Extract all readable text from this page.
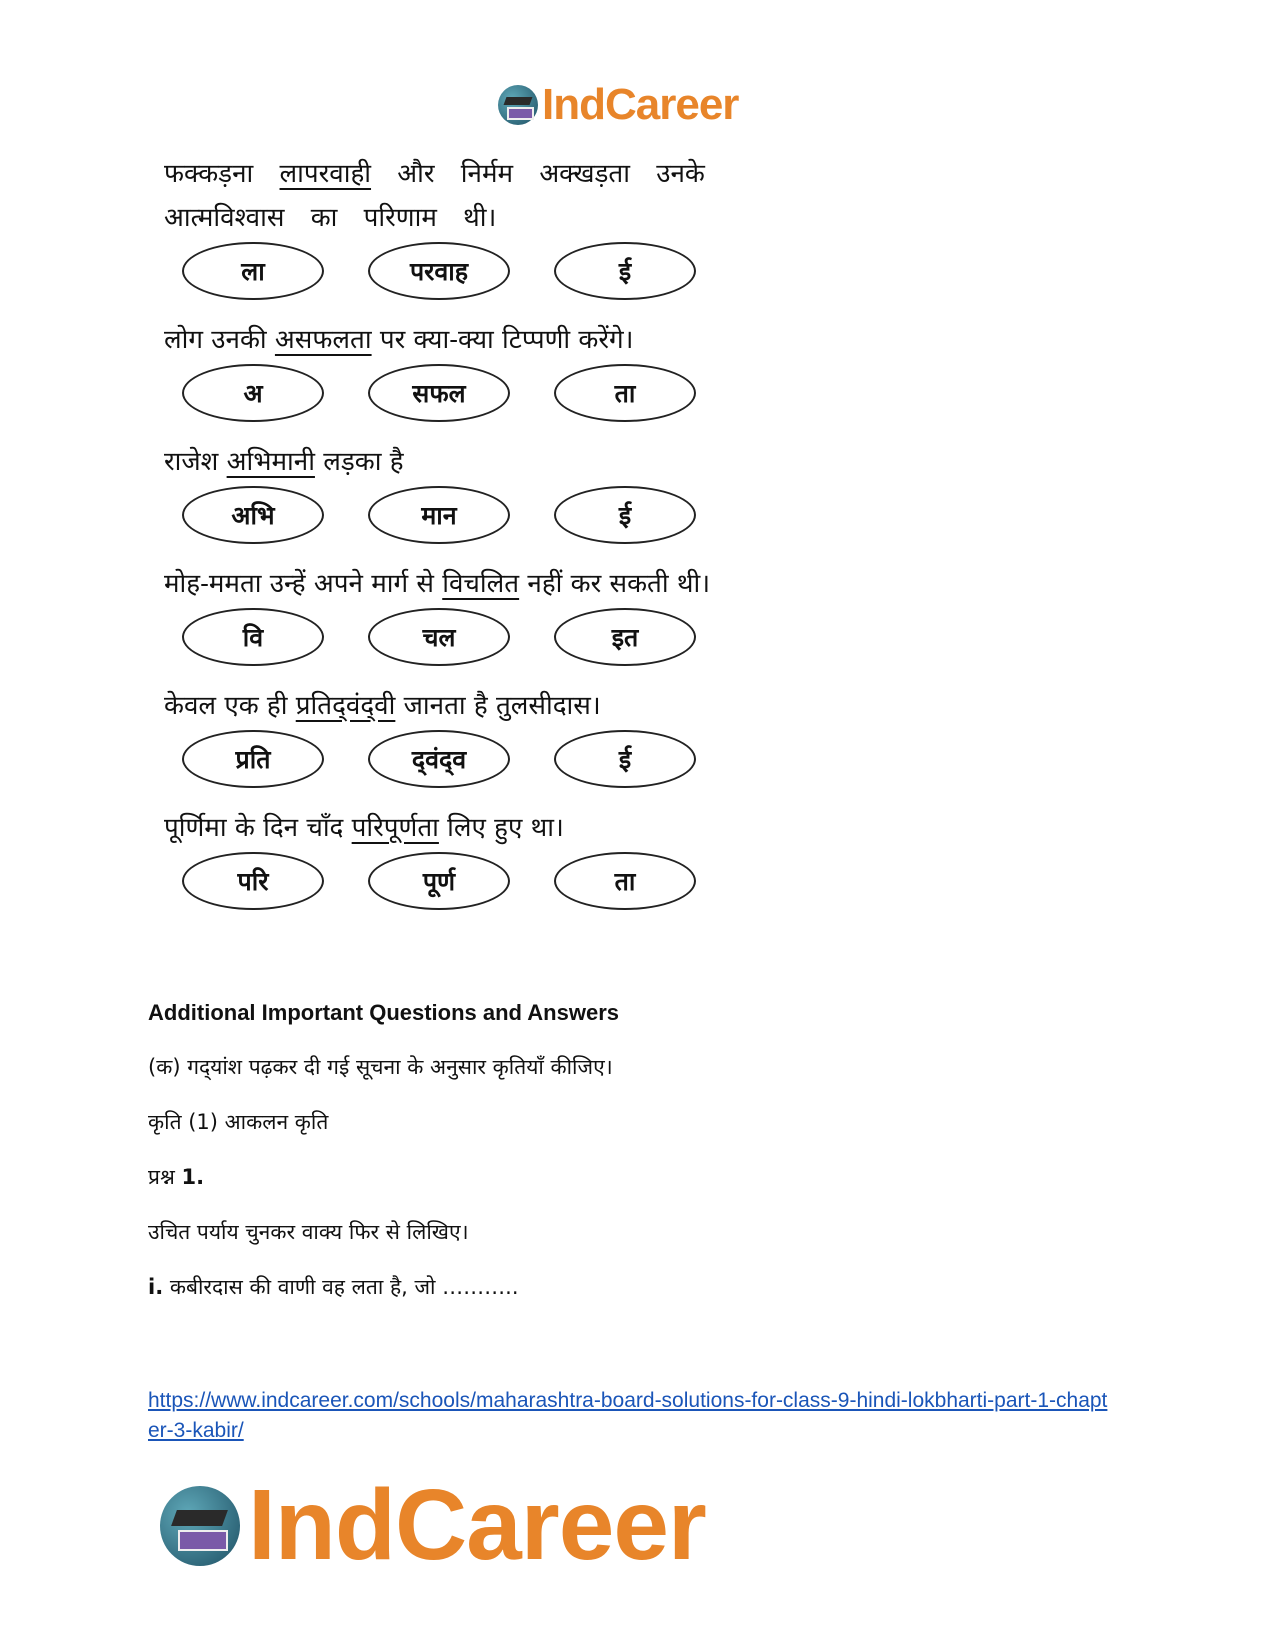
IndCareer
फक्कड़ना लापरवाही और निर्मम अक्खड़ता उनके आत्मविश्वास का परिणाम थी।
ला	परवाह	ई
लोग उनकी असफलता पर क्या-क्या टिप्पणी करेंगे।
अ	सफल	ता
राजेश अभिमानी लड़का है
अभि	मान	ई
मोह-ममता उन्हें अपने मार्ग से विचलित नहीं कर सकती थी।
वि	चल	इत
केवल एक ही प्रतिद्‌वंद्‌वी जानता है तुलसीदास।
प्रति	द्‌वंद्‌व	ई
पूर्णिमा के दिन चाँद परिपूर्णता लिए हुए था।
परि	पूर्ण	ता

Additional Important Questions and Answers

(क) गद्‌यांश पढ़कर दी गई सूचना के अनुसार कृतियाँ कीजिए।

कृति (1) आकलन कृति

प्रश्न 1.

उचित पर्याय चुनकर वाक्य फिर से लिखिए।

i. कबीरदास की वाणी वह लता है, जो ………..

https://www.indcareer.com/schools/maharashtra-board-solutions-for-class-9-hindi-lokbharti-part-1-chapter-3-kabir/
IndCareer
